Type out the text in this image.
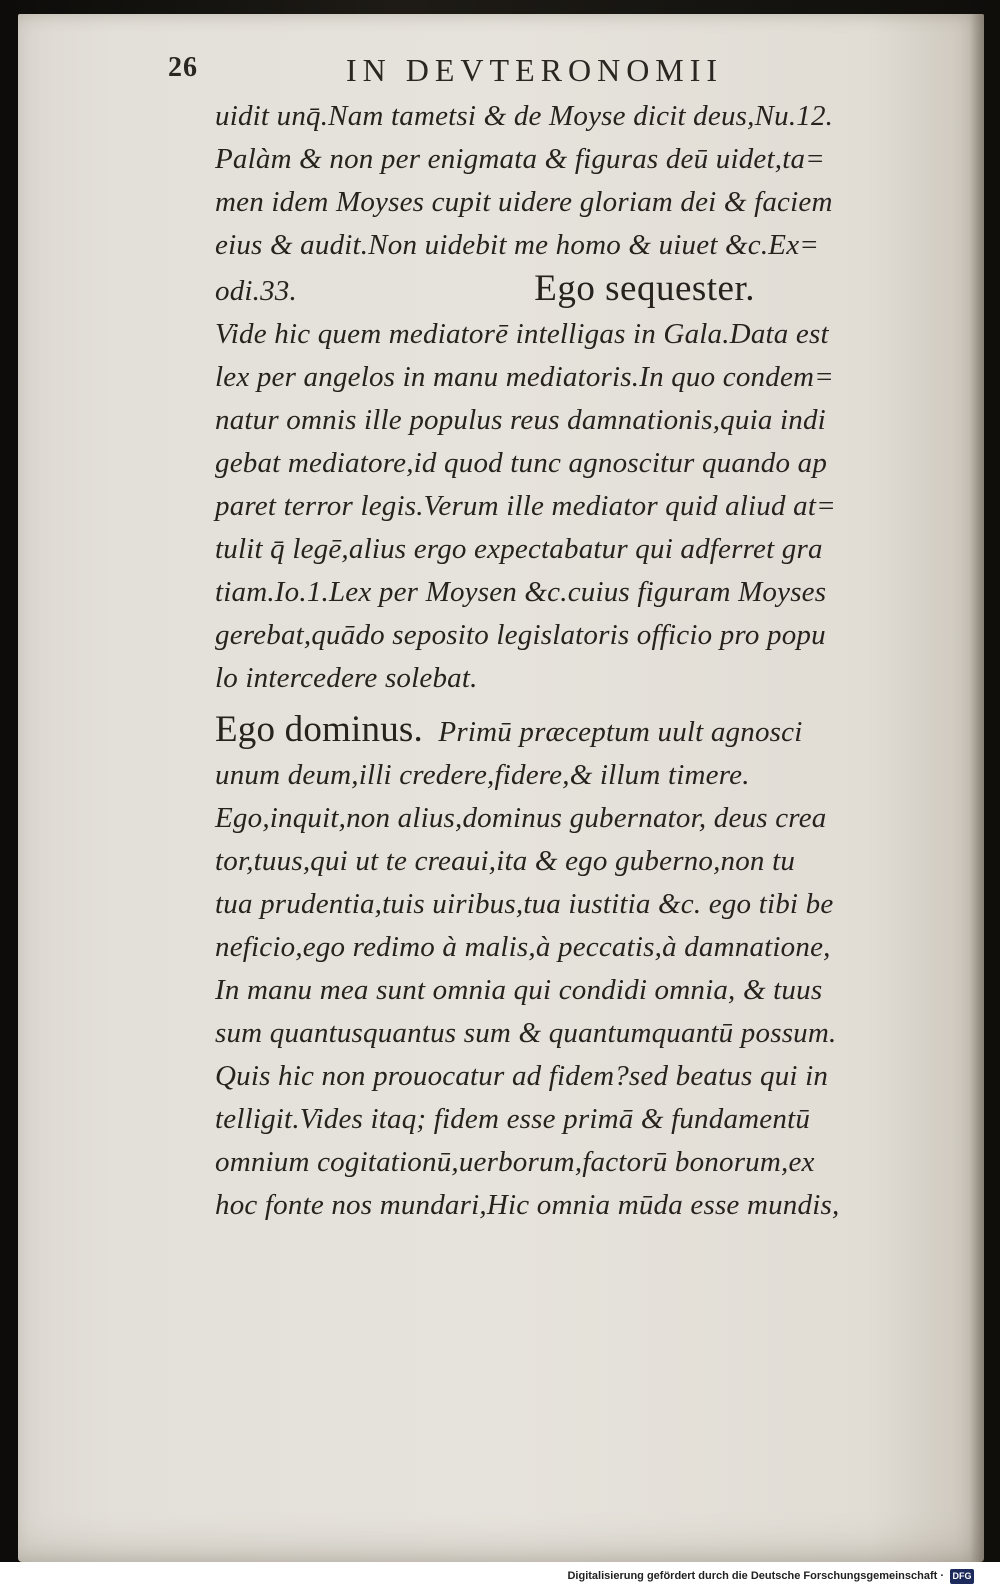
26	IN DEVTERONOMII
uidit unq̄.Nam tametsi & de Moyse dicit deus,Nu.12.
Palàm & non per enigmata & figuras deū uidet,ta=
men idem Moyses cupit uidere gloriam dei & faciem
eius & audit.Non uidebit me homo & uiuet &c.Ex=
odi.33.	Ego sequester.
Vide hic quem mediatorē intelligas in Gala.Data est
lex per angelos in manu mediatoris.In quo condem=
natur omnis ille populus reus damnationis,quia indi
gebat mediatore,id quod tunc agnoscitur quando ap
paret terror legis.Verum ille mediator quid aliud at=
tulit q̄ legē,alius ergo expectabatur qui adferret gra
tiam.Io.1.Lex per Moysen &c.cuius figuram Moyses
gerebat,quādo seposito legislatoris officio pro popu
lo intercedere solebat.
Ego dominus. Primū præceptum uult agnosci
unum deum,illi credere,fidere,& illum timere.
Ego,inquit,non alius,dominus gubernator, deus crea
tor,tuus,qui ut te creaui,ita & ego guberno,non tu
tua prudentia,tuis uiribus,tua iustitia &c. ego tibi be
neficio,ego redimo à malis,à peccatis,à damnatione,
In manu mea sunt omnia qui condidi omnia, & tuus
sum quantusquantus sum & quantumquantū possum.
Quis hic non prouocatur ad fidem?sed beatus qui in
telligit.Vides itaq; fidem esse primā & fundamentū
omnium cogitationū,uerborum,factorū bonorum,ex
hoc fonte nos mundari,Hic omnia mūda esse mundis,
Digitalisierung gefördert durch die Deutsche Forschungsgemeinschaft · DFG
